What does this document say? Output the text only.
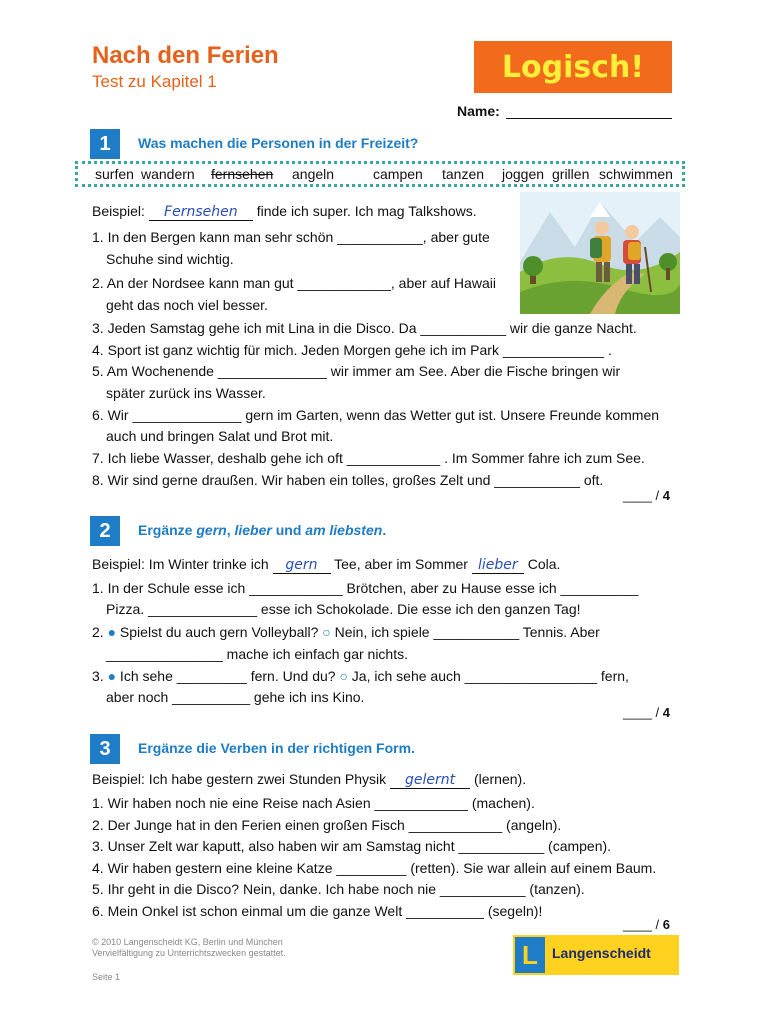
Nach den Ferien
Test zu Kapitel 1	Logisch!
Name:
1	Was machen die Personen in der Freizeit?
surfen wandern fernsehen angeln	campen tanzen joggen grillen schwimmen
Beispiel: Fernsehen finde ich super. Ich mag Talkshows.
1. In den Bergen kann man sehr schön ___________, aber gute
Schuhe sind wichtig.
2. An der Nordsee kann man gut ____________, aber auf Hawaii
geht das noch viel besser.
3. Jeden Samstag gehe ich mit Lina in die Disco. Da ___________ wir die ganze Nacht.
4. Sport ist ganz wichtig für mich. Jeden Morgen gehe ich im Park _____________ .
5. Am Wochenende ______________ wir immer am See. Aber die Fische bringen wir
später zurück ins Wasser.
6. Wir ______________ gern im Garten, wenn das Wetter gut ist. Unsere Freunde kommen
auch und bringen Salat und Brot mit.
7. Ich liebe Wasser, deshalb gehe ich oft ____________ . Im Sommer fahre ich zum See.
8. Wir sind gerne draußen. Wir haben ein tolles, großes Zelt und ___________ oft.
____ / 4
2	Ergänze gern, lieber und am liebsten.
Beispiel: Im Winter trinke ich gern Tee, aber im Sommer lieber Cola.
1. In der Schule esse ich ____________ Brötchen, aber zu Hause esse ich __________
Pizza. ______________ esse ich Schokolade. Die esse ich den ganzen Tag!
2. ● Spielst du auch gern Volleyball? ○ Nein, ich spiele ___________ Tennis. Aber
_______________ mache ich einfach gar nichts.
3. ● Ich sehe _________ fern. Und du? ○ Ja, ich sehe auch _________________ fern,
aber noch __________ gehe ich ins Kino.
____ / 4
3	Ergänze die Verben in der richtigen Form.
Beispiel: Ich habe gestern zwei Stunden Physik gelernt (lernen).
1. Wir haben noch nie eine Reise nach Asien ____________ (machen).
2. Der Junge hat in den Ferien einen großen Fisch ____________ (angeln).
3. Unser Zelt war kaputt, also haben wir am Samstag nicht ___________ (campen).
4. Wir haben gestern eine kleine Katze _________ (retten). Sie war allein auf einem Baum.
5. Ihr geht in die Disco? Nein, danke. Ich habe noch nie ___________ (tanzen).
6. Mein Onkel ist schon einmal um die ganze Welt __________ (segeln)!
____ / 6
© 2010 Langenscheidt KG, Berlin und München
Vervielfältigung zu Unterrichtszwecken gestattet.
Seite 1
L	Langenscheidt
